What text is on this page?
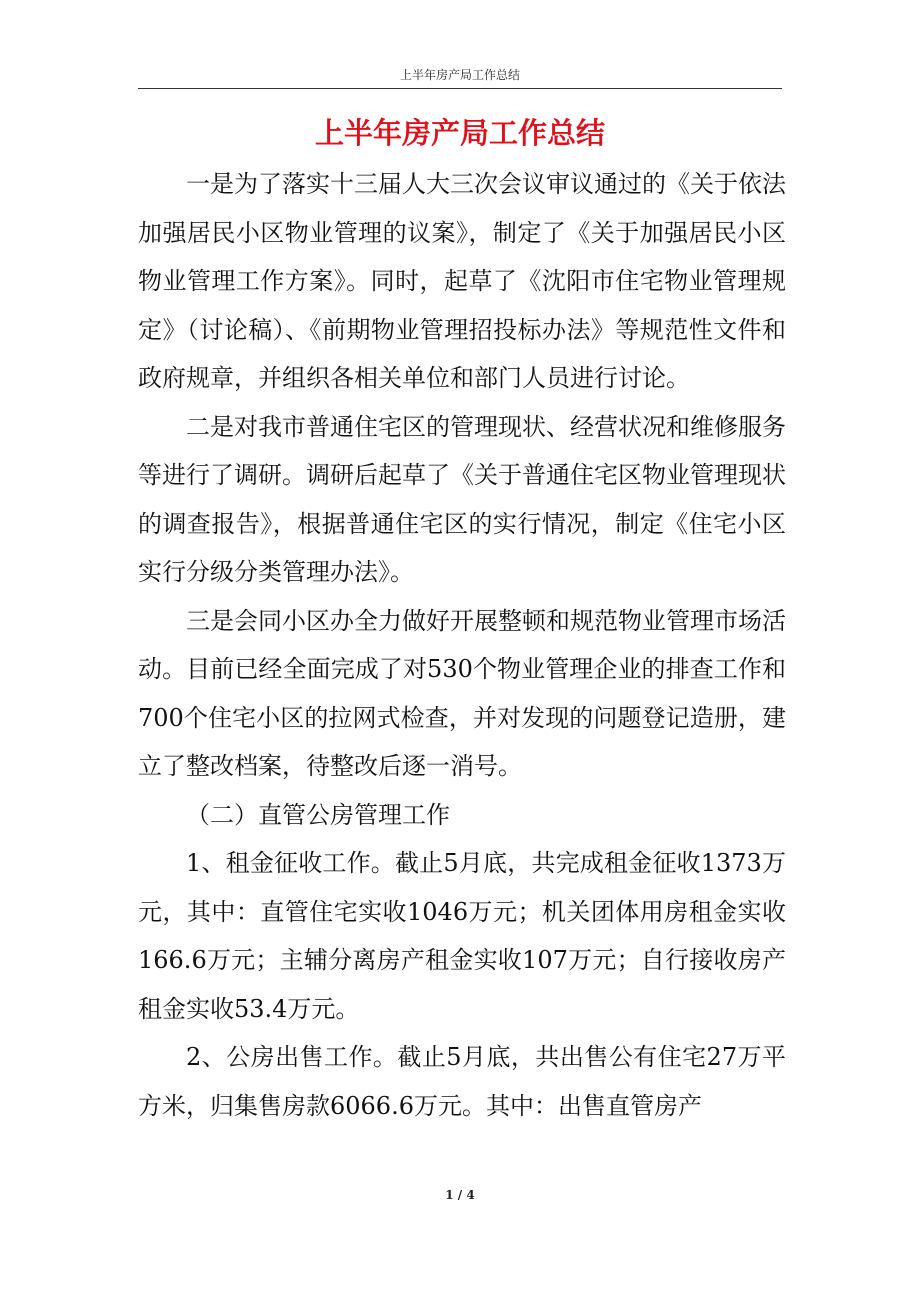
上半年房产局工作总结
上半年房产局工作总结

一是为了落实十三届人大三次会议审议通过的《关于依法加强居民小区物业管理的议案》，制定了《关于加强居民小区物业管理工作方案》。同时，起草了《沈阳市住宅物业管理规定》（讨论稿）、《前期物业管理招投标办法》等规范性文件和政府规章，并组织各相关单位和部门人员进行讨论。

二是对我市普通住宅区的管理现状、经营状况和维修服务等进行了调研。调研后起草了《关于普通住宅区物业管理现状的调查报告》，根据普通住宅区的实行情况，制定《住宅小区实行分级分类管理办法》。

三是会同小区办全力做好开展整顿和规范物业管理市场活动。目前已经全面完成了对530个物业管理企业的排查工作和700个住宅小区的拉网式检查，并对发现的问题登记造册，建立了整改档案，待整改后逐一消号。

（二）直管公房管理工作

1、租金征收工作。截止5月底，共完成租金征收1373万元，其中：直管住宅实收1046万元；机关团体用房租金实收166.6万元；主辅分离房产租金实收107万元；自行接收房产租金实收53.4万元。

2、公房出售工作。截止5月底，共出售公有住宅27万平方米，归集售房款6066.6万元。其中：出售直管房产

1 / 4
